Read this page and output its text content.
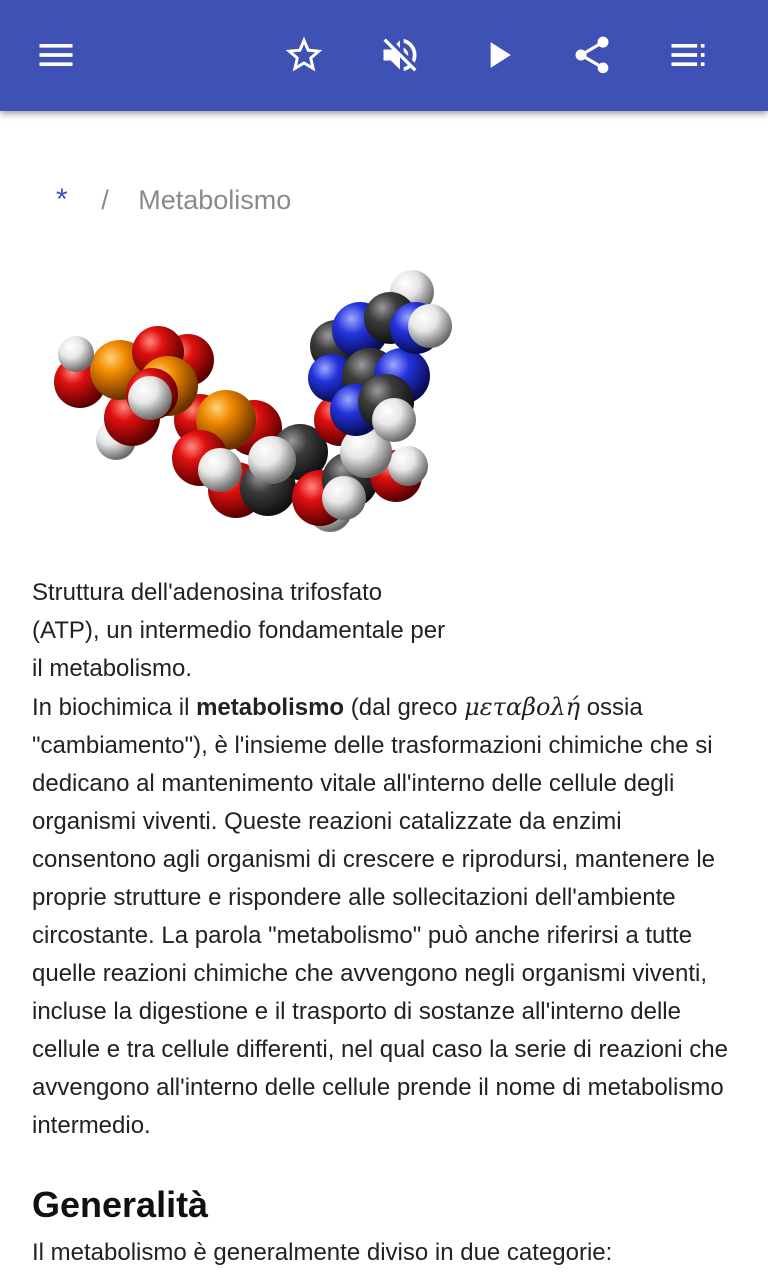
* / Metabolismo
Struttura dell'adenosina trifosfato (ATP), un intermedio fondamentale per il metabolismo.

In biochimica il metabolismo (dal greco μεταβολή ossia "cambiamento"), è l'insieme delle trasformazioni chimiche che si dedicano al mantenimento vitale all'interno delle cellule degli organismi viventi. Queste reazioni catalizzate da enzimi consentono agli organismi di crescere e riprodursi, mantenere le proprie strutture e rispondere alle sollecitazioni dell'ambiente circostante. La parola "metabolismo" può anche riferirsi a tutte quelle reazioni chimiche che avvengono negli organismi viventi, incluse la digestione e il trasporto di sostanze all'interno delle cellule e tra cellule differenti, nel qual caso la serie di reazioni che avvengono all'interno delle cellule prende il nome di metabolismo intermedio.

Generalità
Il metabolismo è generalmente diviso in due categorie:
